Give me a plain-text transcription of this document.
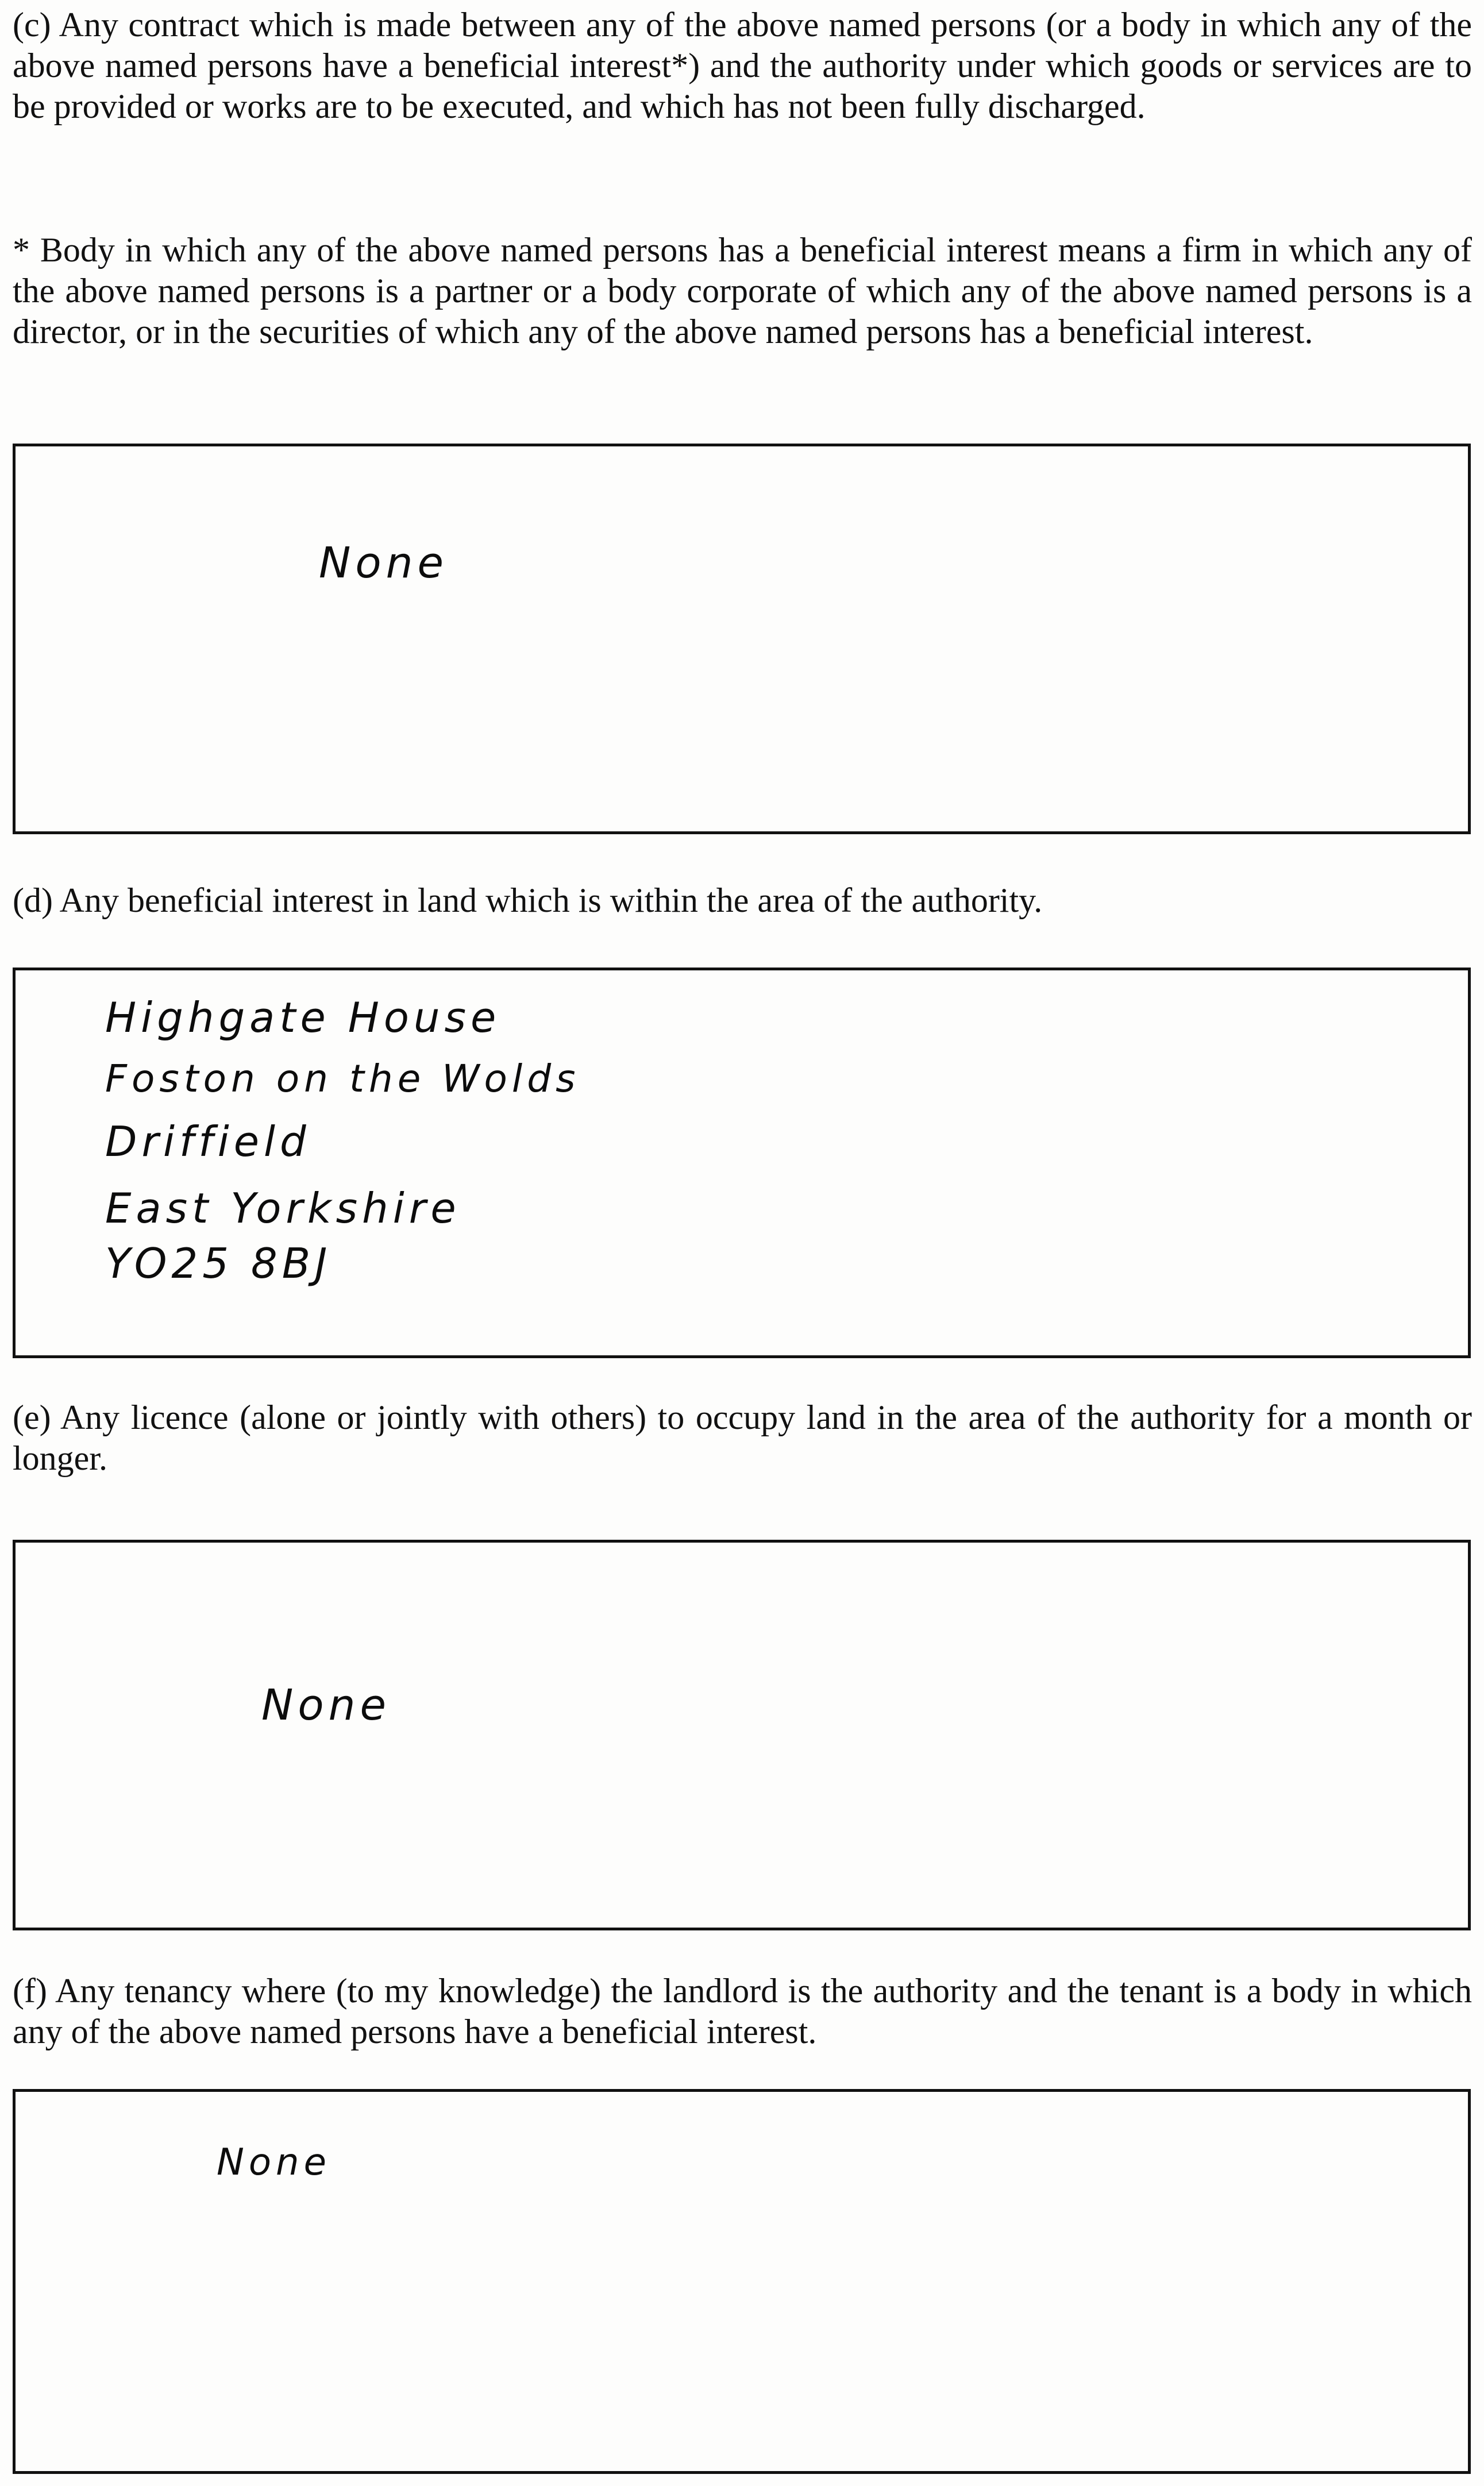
(c) Any contract which is made between any of the above named persons (or a body in which any of the above named persons have a beneficial interest*) and the authority under which goods or services are to be provided or works are to be executed, and which has not been fully discharged.

* Body in which any of the above named persons has a beneficial interest means a firm in which any of the above named persons is a partner or a body corporate of which any of the above named persons is a director, or in the securities of which any of the above named persons has a beneficial interest.

None

(d) Any beneficial interest in land which is within the area of the authority.

Highgate House

Foston on the Wolds

Driffield

East Yorkshire

YO25 8BJ

(e) Any licence (alone or jointly with others) to occupy land in the area of the authority for a month or longer.

None

(f) Any tenancy where (to my knowledge) the landlord is the authority and the tenant is a body in which any of the above named persons have a beneficial interest.

None
